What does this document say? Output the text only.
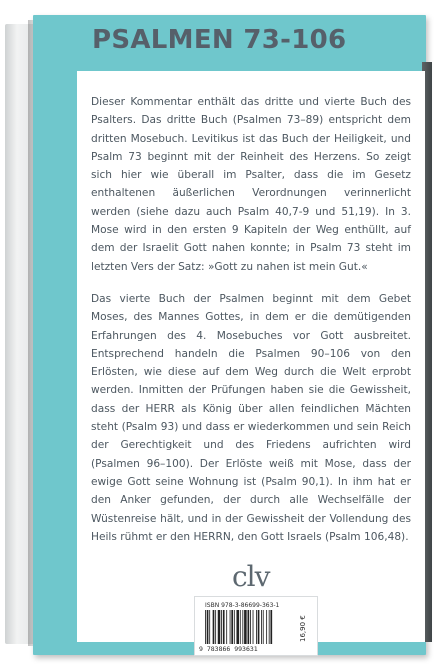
PSALMEN 73-106

Dieser Kommentar enthält das dritte und vierte Buch des Psalters. Das dritte Buch (Psalmen 73–89) entspricht dem dritten Mosebuch. Levitikus ist das Buch der Heiligkeit, und Psalm 73 beginnt mit der Reinheit des Herzens. So zeigt sich hier wie überall im Psalter, dass die im Gesetz enthaltenen äußerlichen Verordnungen verinnerlicht werden (siehe dazu auch Psalm 40,7-9 und 51,19). In 3. Mose wird in den ersten 9 Kapiteln der Weg enthüllt, auf dem der Israelit Gott nahen konnte; in Psalm 73 steht im letzten Vers der Satz: »Gott zu nahen ist mein Gut.«

Das vierte Buch der Psalmen beginnt mit dem Gebet Moses, des Mannes Gottes, in dem er die demütigenden Erfahrungen des 4. Mosebuches vor Gott ausbreitet. Entsprechend handeln die Psalmen 90–106 von den Erlösten, wie diese auf dem Weg durch die Welt erprobt werden. Inmitten der Prüfungen haben sie die Gewissheit, dass der HERR als König über allen feindlichen Mächten steht (Psalm 93) und dass er wiederkommen und sein Reich der Gerechtigkeit und des Friedens aufrichten wird (Psalmen 96–100). Der Erlöste weiß mit Mose, dass der ewige Gott seine Wohnung ist (Psalm 90,1). In ihm hat er den Anker gefunden, der durch alle Wechselfälle der Wüstenreise hält, und in der Gewissheit der Vollendung des Heils rühmt er den HERRN, den Gott Israels (Psalm 106,48).

clv
ISBN 978-3-86699-363-1
9 783866 993631
16,90 €
